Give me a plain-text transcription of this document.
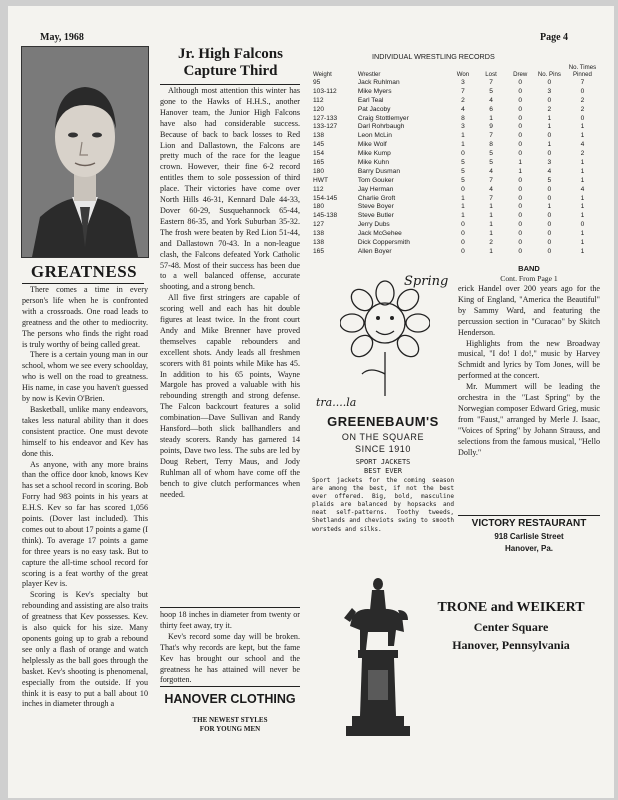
May, 1968	Page 4
GREATNESS

There comes a time in every person's life when he is confronted with a crossroads. One road leads to greatness and the other to mediocrity. The persons who finds the right road is truly worthy of being called great.

There is a certain young man in our school, whom we see every schoolday, who is well on the road to greatness. His name, in case you haven't guessed by now is Kevin O'Brien.

Basketball, unlike many endeavors, takes less natural ability than it does consistent practice. One must devote himself to his endeavor and Kev has done this.

As anyone, with any more brains than the office door knob, knows Kev has set a school record in scoring. Bob Forry had 983 points in his years at E.H.S. Kev so far has scored 1,056 points. (Dover last included). This comes out to about 17 points a game (I think). To average 17 points a game for three years is no easy task. But to capture the all-time school record for scoring is a feat worthy of the great player Kev is.

Scoring is Kev's specialty but rebounding and assisting are also traits of greatness that Kev possesses. Kev. is also quick for his size. Many oponents going up to grab a rebound see only a flash of orange and watch helplessly as the ball goes through the basket. Kev's shooting is phenomenal, especially from the outside. If you think it is easy to put a ball about 10 inches in diameter through a

Jr. High Falcons
Capture Third

Although most attention this winter has gone to the Hawks of H.H.S., another Hanover team, the Junior High Falcons have also had considerable success. Because of back to back losses to Red Lion and Dallastown, the Falcons are pretty much of the race for the league crown. However, their fine 6-2 record entitles them to sole possession of third place. Their victories have come over North Hills 46-31, Kennard Dale 44-33, Dover 60-29, Susquehannock 65-44, Eastern 86-35, and York Suburban 35-32. The frosh were beaten by Red Lion 51-44, and Dallastown 70-43. In a non-league clash, the Falcons defeated York Catholic 57-48. Most of their success has been due to a well balanced offense, accurate shooting, and a strong bench.

All five first stringers are capable of scoring well and each has hit double figures at least twice. In the front court Andy and Mike Brenner have proved themselves capable rebounders and excellent shots. Andy leads all freshmen scorers with 81 points while Mike has 45. In addition to his 65 points, Wayne Margole has proved a valuable with his rebounding strength and strong defense. The Falcon backcourt features a solid combination—Dave Sullivan and Randy Hansford—both slick ballhandlers and steady scorers. Randy has garnered 14 points, Dave two less. The subs are led by Doug Rebert, Terry Maus, and Jody Ruhlman all of whom have come off the bench to give clutch performances when needed.

hoop 18 inches in diameter from twenty or thirty feet away, try it.

Kev's record some day will be broken. That's why records are kept, but the fame Kev has brought our school and the greatness he has attained will never be forgotten.

HANOVER CLOTHING
THE NEWEST STYLES
FOR YOUNG MEN
INDIVIDUAL WRESTLING RECORDS
Weight	Wrestler	Won	Lost	Drew	No. Pins	No. Times Pinned
95	Jack Ruhlman	3	7	0	0	7
103-112	Mike Myers	7	5	0	3	0
112	Earl Teal	2	4	0	0	2
120	Pat Jacoby	4	6	0	2	2
127-133	Craig Stottlemyer	8	1	0	1	0
133-127	Darl Rohrbaugh	3	9	0	1	1
138	Leon McLin	1	7	0	0	1
145	Mike Wolf	1	8	0	1	4
154	Mike Kump	0	5	0	0	2
165	Mike Kuhn	5	5	1	3	1
180	Barry Dusman	5	4	1	4	1
HWT	Tom Gouker	5	7	0	5	1
112	Jay Herman	0	4	0	0	4
154-145	Charlie Groft	1	7	0	0	1
180	Steve Boyer	1	1	0	1	1
145-138	Steve Butler	1	1	0	0	1
127	Jerry Dubs	0	1	0	0	0
138	Jack McGehee	0	1	0	0	1
138	Dick Coppersmith	0	2	0	0	1
165	Allen Boyer	0	1	0	0	1
Spring
tra....la
GREENEBAUM'S
ON THE SQUARE
SINCE 1910
SPORT JACKETS
BEST EVER
Sport jackets for the coming season are among the best, if not the best ever offered. Big, bold, masculine plaids are balanced by hopsacks and neat self-patterns. Toothy tweeds, Shetlands and cheviots swing to smooth worsteds and silks.
BAND
Cont. From Page 1

erick Handel over 200 years ago for the King of England, "America the Beautiful" by Sammy Ward, and featuring the percussion section in "Curacao" by Skitch Henderson.

Highlights from the new Broadway musical, "I do! I do!," music by Harvey Schmidt and lyrics by Tom Jones, will be performed at the concert.

Mr. Mummert will be leading the orchestra in the "Last Spring" by the Norwegian composer Edward Grieg, music from "Faust," arranged by Merle J. Isaac, "Voices of Spring" by Johann Strauss, and selections from the famous musical, "Hello Dolly."

VICTORY RESTAURANT
918 Carlisle Street
Hanover, Pa.
TRONE and WEIKERT
Center Square
Hanover, Pennsylvania
